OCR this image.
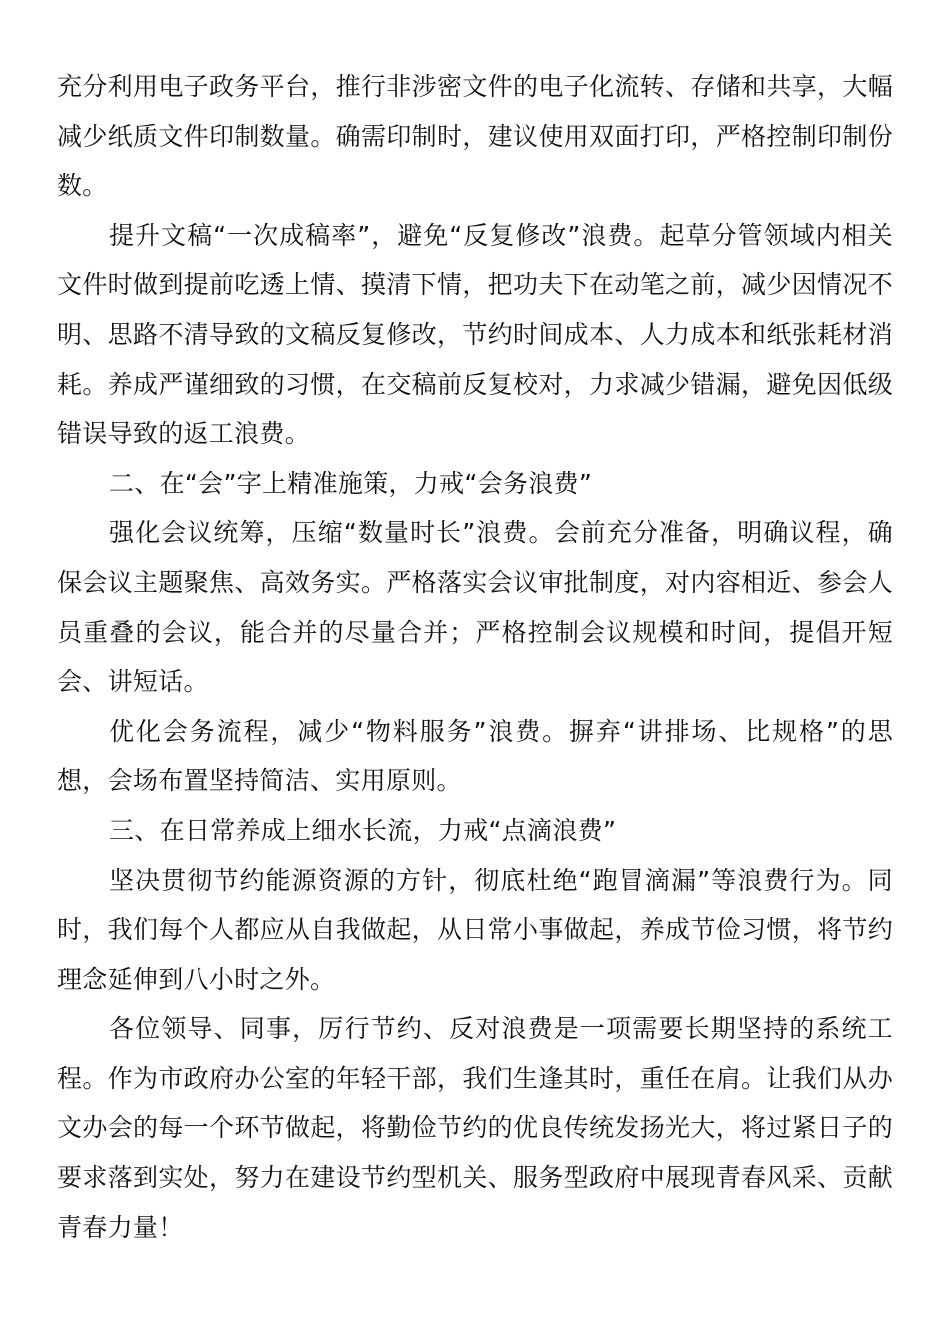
充分利用电子政务平台，推行非涉密文件的电子化流转、存储和共享，大幅减少纸质文件印制数量。确需印制时，建议使用双面打印，严格控制印制份数。

提升文稿“一次成稿率”，避免“反复修改”浪费。起草分管领域内相关文件时做到提前吃透上情、摸清下情，把功夫下在动笔之前，减少因情况不明、思路不清导致的文稿反复修改，节约时间成本、人力成本和纸张耗材消耗。养成严谨细致的习惯，在交稿前反复校对，力求减少错漏，避免因低级错误导致的返工浪费。

二、在“会”字上精准施策，力戒“会务浪费”

强化会议统筹，压缩“数量时长”浪费。会前充分准备，明确议程，确保会议主题聚焦、高效务实。严格落实会议审批制度，对内容相近、参会人员重叠的会议，能合并的尽量合并；严格控制会议规模和时间，提倡开短会、讲短话。

优化会务流程，减少“物料服务”浪费。摒弃“讲排场、比规格”的思想，会场布置坚持简洁、实用原则。

三、在日常养成上细水长流，力戒“点滴浪费”

坚决贯彻节约能源资源的方针，彻底杜绝“跑冒滴漏”等浪费行为。同时，我们每个人都应从自我做起，从日常小事做起，养成节俭习惯，将节约理念延伸到八小时之外。

各位领导、同事，厉行节约、反对浪费是一项需要长期坚持的系统工程。作为市政府办公室的年轻干部，我们生逢其时，重任在肩。让我们从办文办会的每一个环节做起，将勤俭节约的优良传统发扬光大，将过紧日子的要求落到实处，努力在建设节约型机关、服务型政府中展现青春风采、贡献青春力量！
